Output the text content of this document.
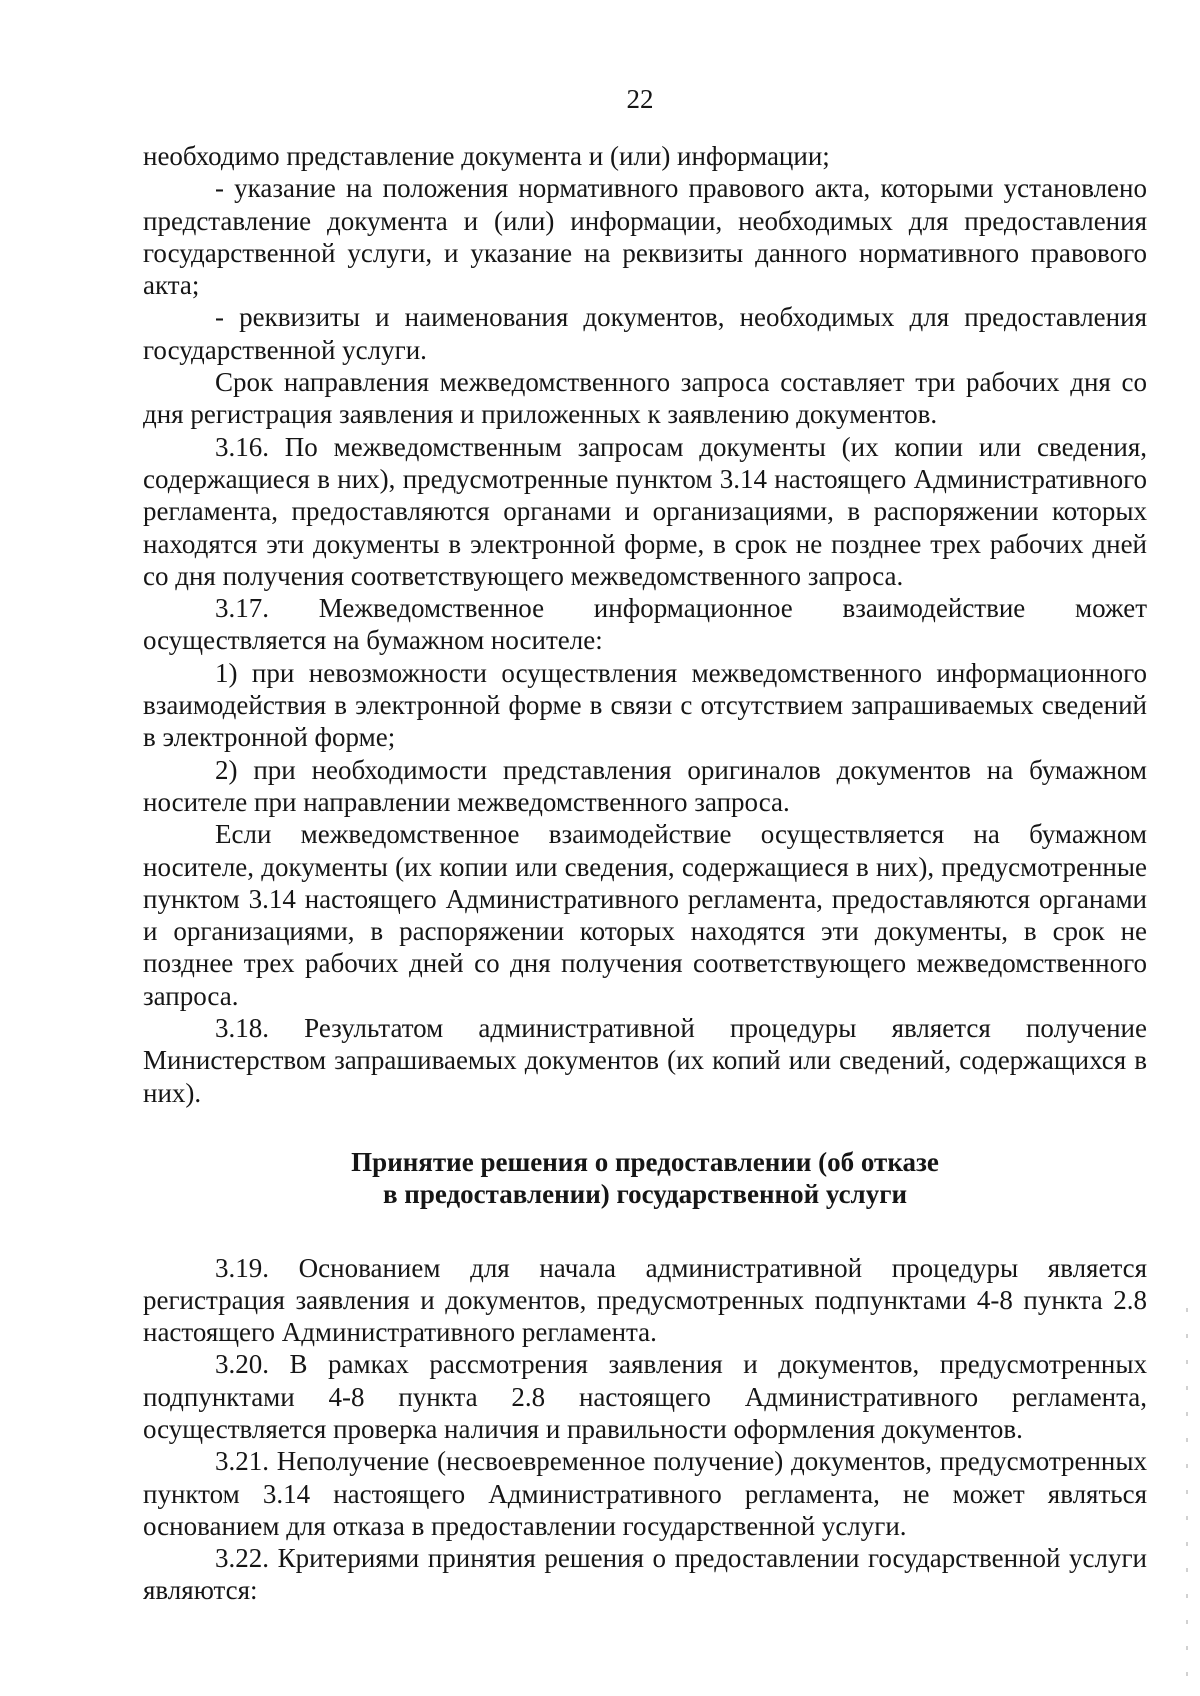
22

необходимо представление документа и (или) информации;

- указание на положения нормативного правового акта, которыми установлено представление документа и (или) информации, необходимых для предоставления государственной услуги, и указание на реквизиты данного нормативного правового акта;

- реквизиты и наименования документов, необходимых для предоставления государственной услуги.

Срок направления межведомственного запроса составляет три рабочих дня со дня регистрация заявления и приложенных к заявлению документов.

3.16. По межведомственным запросам документы (их копии или сведения, содержащиеся в них), предусмотренные пунктом 3.14 настоящего Административного регламента, предоставляются органами и организациями, в распоряжении которых находятся эти документы в электронной форме, в срок не позднее трех рабочих дней со дня получения соответствующего межведомственного запроса.

3.17. Межведомственное информационное взаимодействие может осуществляется на бумажном носителе:

1) при невозможности осуществления межведомственного информационного взаимодействия в электронной форме в связи с отсутствием запрашиваемых сведений в электронной форме;

2) при необходимости представления оригиналов документов на бумажном носителе при направлении межведомственного запроса.

Если межведомственное взаимодействие осуществляется на бумажном носителе, документы (их копии или сведения, содержащиеся в них), предусмотренные пунктом 3.14 настоящего Административного регламента, предоставляются органами и организациями, в распоряжении которых находятся эти документы, в срок не позднее трех рабочих дней со дня получения соответствующего межведомственного запроса.

3.18. Результатом административной процедуры является получение Министерством запрашиваемых документов (их копий или сведений, содержащихся в них).

Принятие решения о предоставлении (об отказе
в предоставлении) государственной услуги

3.19. Основанием для начала административной процедуры является регистрация заявления и документов, предусмотренных подпунктами 4-8 пункта 2.8 настоящего Административного регламента.

3.20. В рамках рассмотрения заявления и документов, предусмотренных подпунктами 4-8 пункта 2.8 настоящего Административного регламента, осуществляется проверка наличия и правильности оформления документов.

3.21. Неполучение (несвоевременное получение) документов, предусмотренных пунктом 3.14 настоящего Административного регламента, не может являться основанием для отказа в предоставлении государственной услуги.

3.22. Критериями принятия решения о предоставлении государственной услуги являются:
